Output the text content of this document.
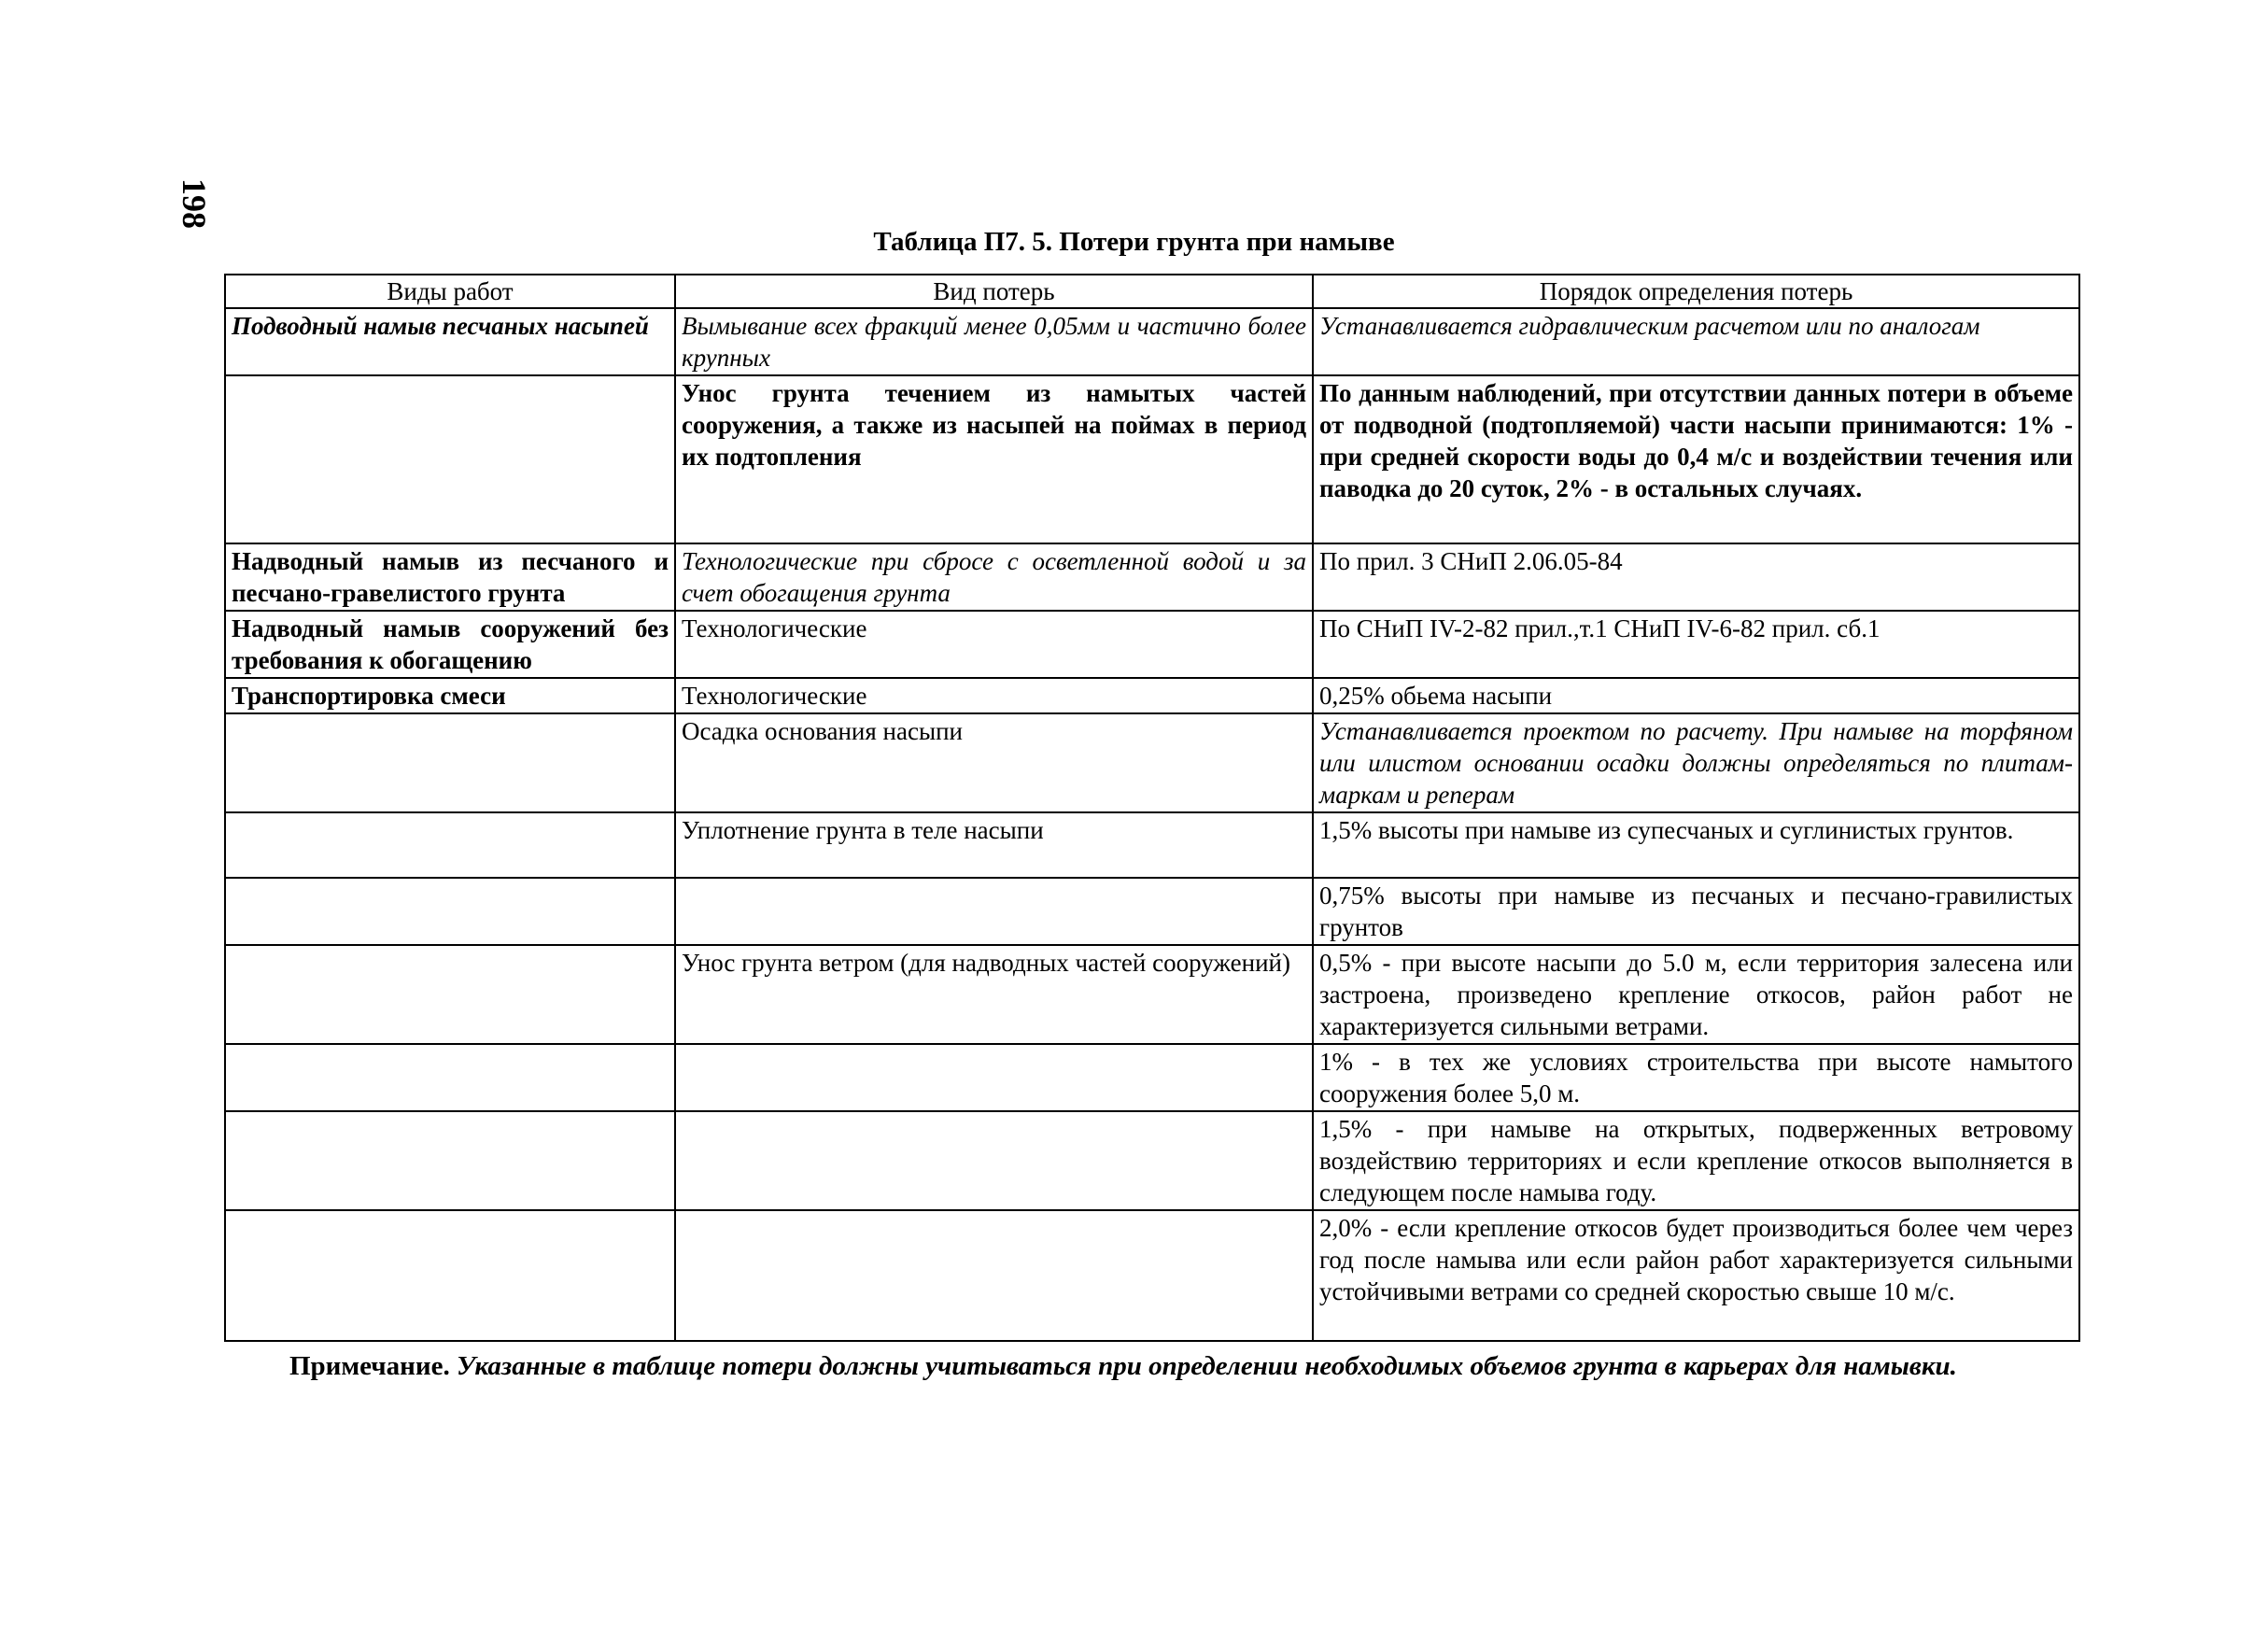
198
Таблица П7. 5. Потери грунта при намыве
Виды работ	Вид потерь	Порядок определения потерь
Подводный намыв песчаных насыпей	Вымывание всех фракций менее 0,05мм и частично более крупных	Устанавливается гидравлическим расчетом или по аналогам
	Унос грунта течением из намытых частей сооружения, а также из насыпей на поймах в период их подтопления	По данным наблюдений, при отсутствии данных потери в объеме от подводной (подтопляемой) части насыпи принимаются: 1% - при средней скорости воды до 0,4 м/с и воздействии течения или паводка до 20 суток, 2% - в остальных случаях.
Надводный намыв из песчаного и песчано-гравелистого грунта	Технологические при сбросе с осветленной водой и за счет обогащения грунта	По прил. 3 СНиП 2.06.05-84
Надводный намыв сооружений без требования к обогащению	Технологические	По СНиП IV-2-82 прил.,т.1 СНиП IV-6-82 прил. сб.1
Транспортировка смеси	Технологические	0,25% обьема насыпи
	Осадка основания насыпи	Устанавливается проектом по расчету. При намыве на торфяном или илистом основании осадки должны определяться по плитам-маркам и реперам
	Уплотнение грунта в теле насыпи	1,5% высоты при намыве из супесчаных и суглинистых грунтов.
		0,75% высоты при намыве из песчаных и песчано-гравилистых грунтов
	Унос грунта ветром (для надводных частей сооружений)	0,5% - при высоте насыпи до 5.0 м, если территория залесена или застроена, произведено крепление откосов, район работ не характеризуется сильными ветрами.
		1% - в тех же условиях строительства при высоте намытого сооружения более 5,0 м.
		1,5% - при намыве на открытых, подверженных ветровому воздействию территориях и если крепление откосов выполняется в следующем после намыва году.
		2,0% - если крепление откосов будет производиться более чем через год после намыва или если район работ характеризуется сильными устойчивыми ветрами со средней скоростью свыше 10 м/с.
Примечание. Указанные в таблице потери должны учитываться при определении необходимых объемов грунта в карьерах для намывки.
